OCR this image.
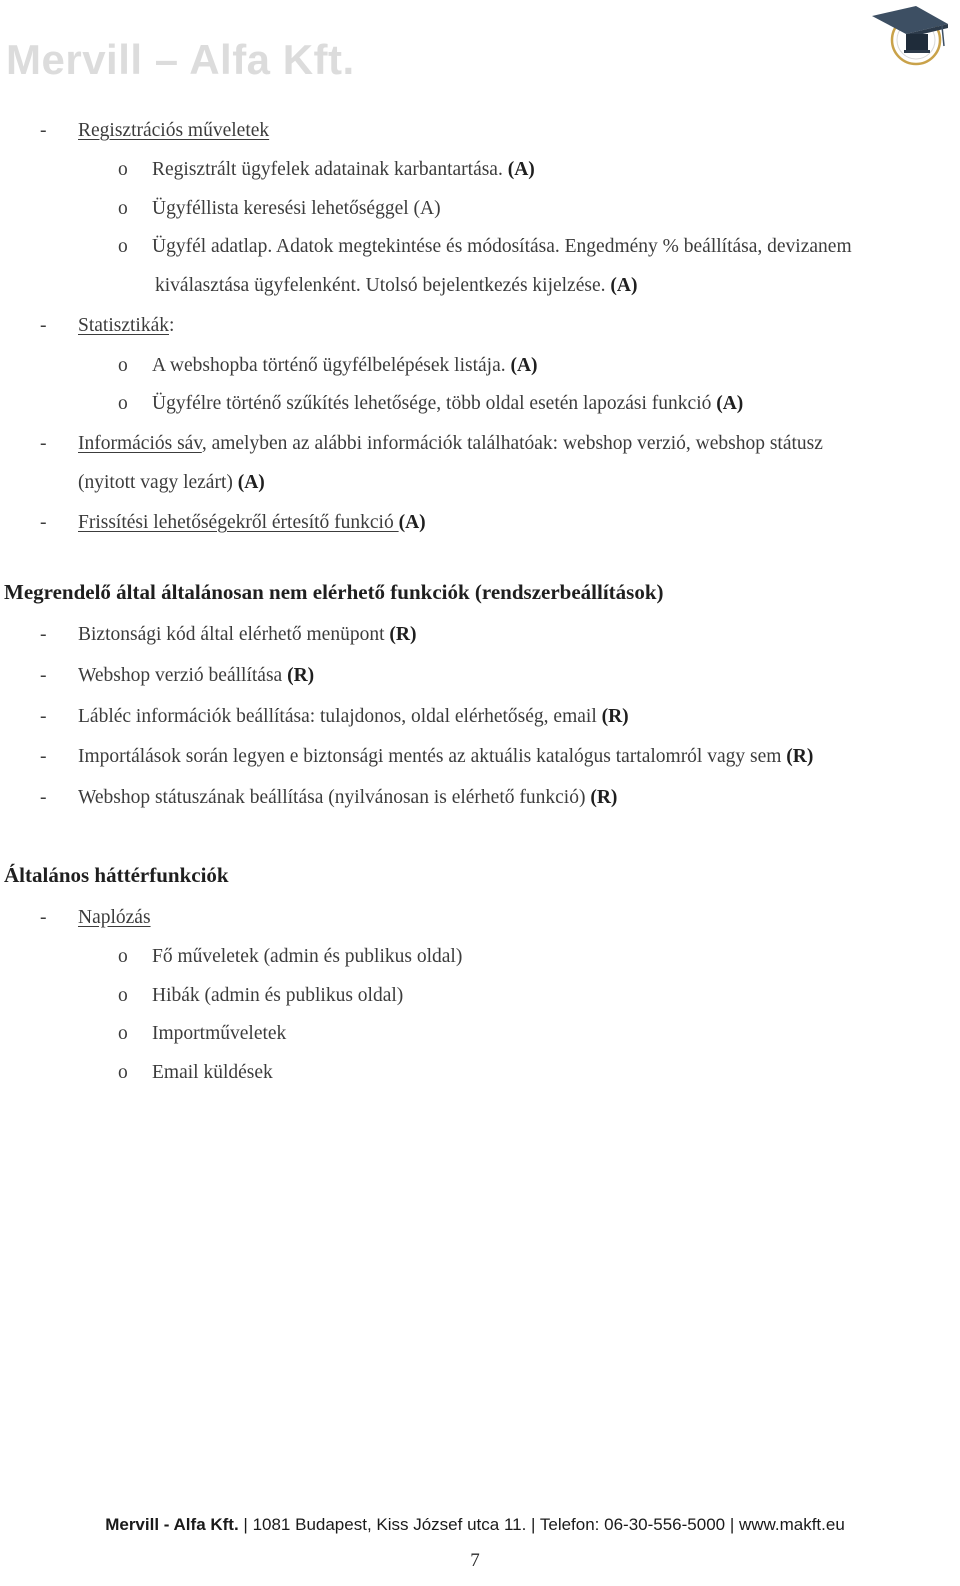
Mervill – Alfa Kft.
- Regisztrációs műveletek
o Regisztrált ügyfelek adatainak karbantartása. (A)
o Ügyféllista keresési lehetőséggel (A)
o Ügyfél adatlap. Adatok megtekintése és módosítása. Engedmény % beállítása, devizanem
kiválasztása ügyfelenként. Utolsó bejelentkezés kijelzése. (A)
- Statisztikák:
o A webshopba történő ügyfélbelépések listája. (A)
o Ügyfélre történő szűkítés lehetősége, több oldal esetén lapozási funkció (A)
- Információs sáv, amelyben az alábbi információk találhatóak: webshop verzió, webshop státusz
(nyitott vagy lezárt) (A)
- Frissítési lehetőségekről értesítő funkció (A)
Megrendelő által általánosan nem elérhető funkciók (rendszerbeállítások)
- Biztonsági kód által elérhető menüpont (R)
- Webshop verzió beállítása (R)
- Lábléc információk beállítása: tulajdonos, oldal elérhetőség, email (R)
- Importálások során legyen e biztonsági mentés az aktuális katalógus tartalomról vagy sem (R)
- Webshop státuszának beállítása (nyilvánosan is elérhető funkció) (R)
Általános háttérfunkciók
- Naplózás
o Fő műveletek (admin és publikus oldal)
o Hibák (admin és publikus oldal)
o Importműveletek
o Email küldések
Mervill - Alfa Kft. | 1081 Budapest, Kiss József utca 11. | Telefon: 06-30-556-5000 | www.makft.eu
7
